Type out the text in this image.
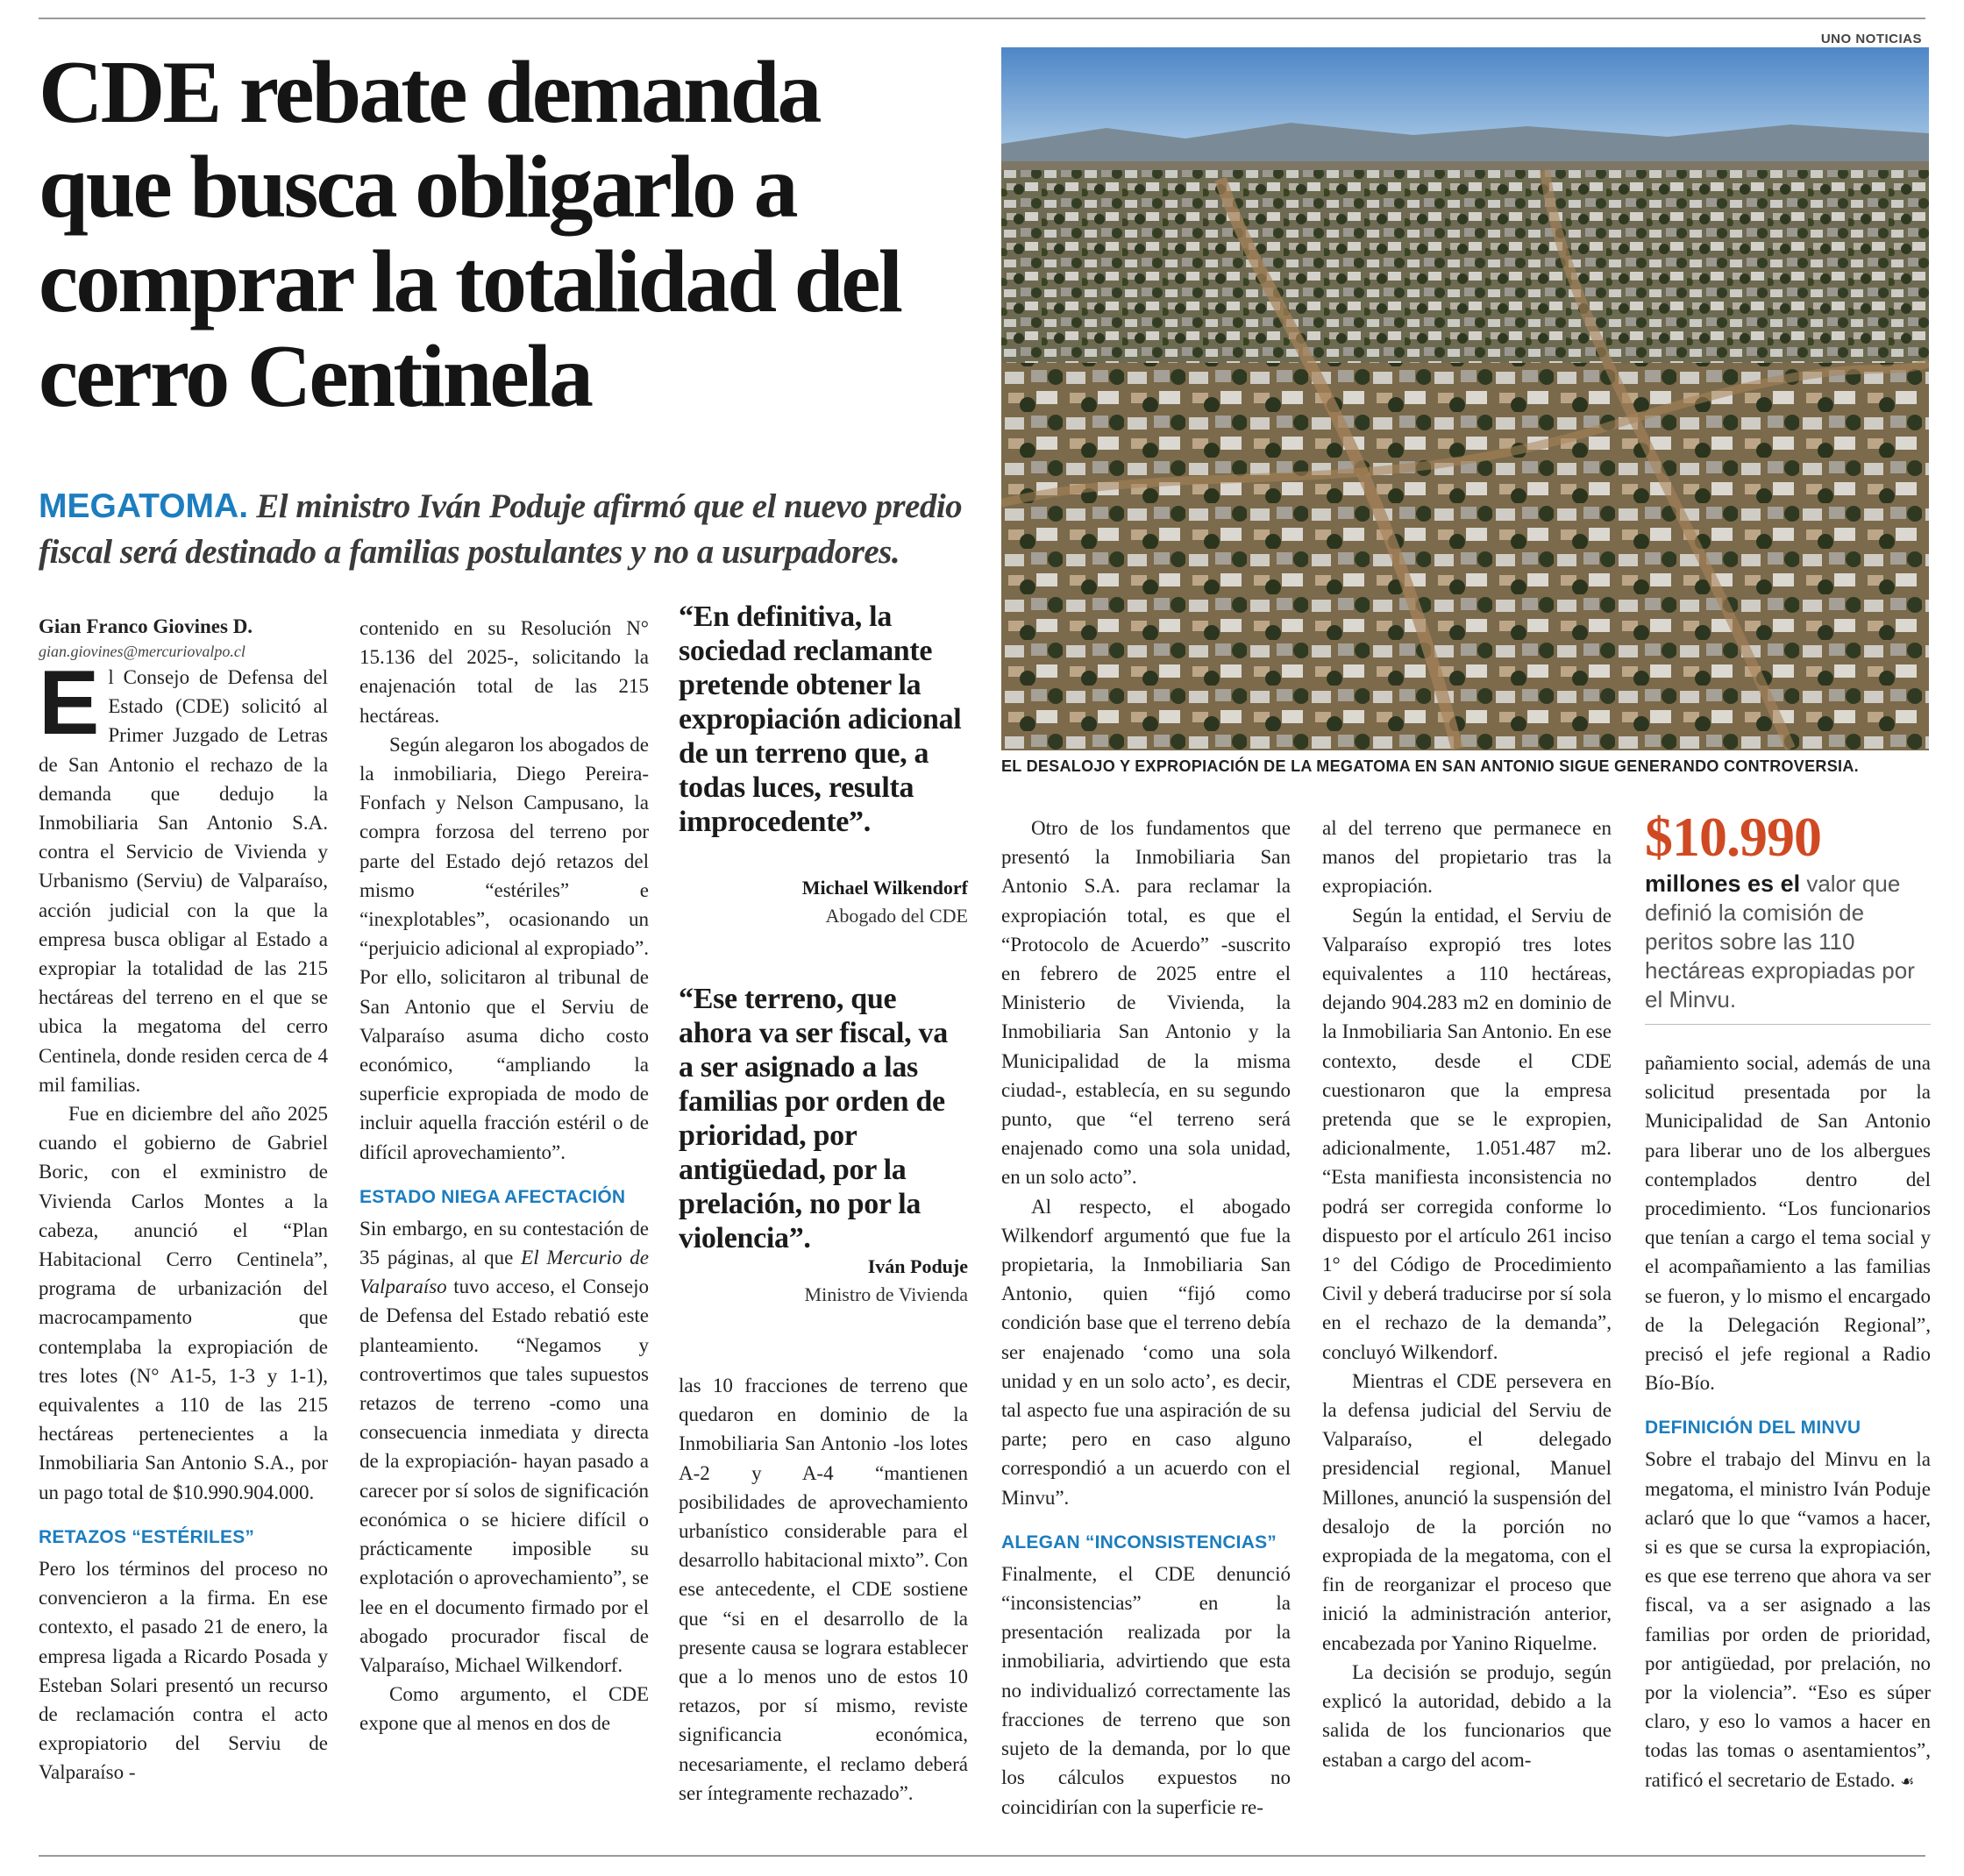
UNO NOTICIAS
CDE rebate demanda que busca obligarlo a comprar la totalidad del cerro Centinela
MEGATOMA. El ministro Iván Poduje afirmó que el nuevo predio fiscal será destinado a familias postulantes y no a usurpadores.
EL DESALOJO Y EXPROPIACIÓN DE LA MEGATOMA EN SAN ANTONIO SIGUE GENERANDO CONTROVERSIA.

Gian Franco Giovines D.

gian.giovines@mercuriovalpo.cl

El Consejo de Defensa del Estado (CDE) solicitó al Primer Juzgado de Letras de San Antonio el rechazo de la demanda que dedujo la Inmobiliaria San Antonio S.A. contra el Servicio de Vivienda y Urbanismo (Serviu) de Valparaíso, acción judicial con la que la empresa busca obligar al Estado a expropiar la totalidad de las 215 hectáreas del terreno en el que se ubica la megatoma del cerro Centinela, donde residen cerca de 4 mil familias.

Fue en diciembre del año 2025 cuando el gobierno de Gabriel Boric, con el exministro de Vivienda Carlos Montes a la cabeza, anunció el “Plan Habitacional Cerro Centinela”, programa de urbanización del macrocampamento que contemplaba la expropiación de tres lotes (N° A1-5, 1-3 y 1-1), equivalentes a 110 de las 215 hectáreas pertenecientes a la Inmobiliaria San Antonio S.A., por un pago total de $10.990.904.000.

RETAZOS “ESTÉRILES”

Pero los términos del proceso no convencieron a la firma. En ese contexto, el pasado 21 de enero, la empresa ligada a Ricardo Posada y Esteban Solari presentó un recurso de reclamación contra el acto expropiatorio del Serviu de Valparaíso -

contenido en su Resolución N° 15.136 del 2025-, solicitando la enajenación total de las 215 hectáreas.

Según alegaron los abogados de la inmobiliaria, Diego Pereira-Fonfach y Nelson Campusano, la compra forzosa del terreno por parte del Estado dejó retazos del mismo “estériles” e “inexplotables”, ocasionando un “perjuicio adicional al expropiado”. Por ello, solicitaron al tribunal de San Antonio que el Serviu de Valparaíso asuma dicho costo económico, “ampliando la superficie expropiada de modo de incluir aquella fracción estéril o de difícil aprovechamiento”.

ESTADO NIEGA AFECTACIÓN

Sin embargo, en su contestación de 35 páginas, al que El Mercurio de Valparaíso tuvo acceso, el Consejo de Defensa del Estado rebatió este planteamiento. “Negamos y controvertimos que tales supuestos retazos de terreno -como una consecuencia inmediata y directa de la expropiación- hayan pasado a carecer por sí solos de significación económica o se hiciere difícil o prácticamente imposible su explotación o aprovechamiento”, se lee en el documento firmado por el abogado procurador fiscal de Valparaíso, Michael Wilkendorf.

Como argumento, el CDE expone que al menos en dos de

“En definitiva, la sociedad reclamante pretende obtener la expropiación adicional de un terreno que, a todas luces, resulta improcedente”.
Michael Wilkendorf
Abogado del CDE
“Ese terreno, que ahora va ser fiscal, va a ser asignado a las familias por orden de prioridad, por antigüedad, por la prelación, no por la violencia”.
Iván Poduje
Ministro de Vivienda

las 10 fracciones de terreno que quedaron en dominio de la Inmobiliaria San Antonio -los lotes A-2 y A-4 “mantienen posibilidades de aprovechamiento urbanístico considerable para el desarrollo habitacional mixto”. Con ese antecedente, el CDE sostiene que “si en el desarrollo de la presente causa se lograra establecer que a lo menos uno de estos 10 retazos, por sí mismo, reviste significancia económica, necesariamente, el reclamo deberá ser íntegramente rechazado”.

Otro de los fundamentos que presentó la Inmobiliaria San Antonio S.A. para reclamar la expropiación total, es que el “Protocolo de Acuerdo” -suscrito en febrero de 2025 entre el Ministerio de Vivienda, la Inmobiliaria San Antonio y la Municipalidad de la misma ciudad-, establecía, en su segundo punto, que “el terreno será enajenado como una sola unidad, en un solo acto”.

Al respecto, el abogado Wilkendorf argumentó que fue la propietaria, la Inmobiliaria San Antonio, quien “fijó como condición base que el terreno debía ser enajenado ‘como una sola unidad y en un solo acto’, es decir, tal aspecto fue una aspiración de su parte; pero en caso alguno correspondió a un acuerdo con el Minvu”.

ALEGAN “INCONSISTENCIAS”

Finalmente, el CDE denunció “inconsistencias” en la presentación realizada por la inmobiliaria, advirtiendo que esta no individualizó correctamente las fracciones de terreno que son sujeto de la demanda, por lo que los cálculos expuestos no coincidirían con la superficie re-

al del terreno que permanece en manos del propietario tras la expropiación.

Según la entidad, el Serviu de Valparaíso expropió tres lotes equivalentes a 110 hectáreas, dejando 904.283 m2 en dominio de la Inmobiliaria San Antonio. En ese contexto, desde el CDE cuestionaron que la empresa pretenda que se le expropien, adicionalmente, 1.051.487 m2. “Esta manifiesta inconsistencia no podrá ser corregida conforme lo dispuesto por el artículo 261 inciso 1° del Código de Procedimiento Civil y deberá traducirse por sí sola en el rechazo de la demanda”, concluyó Wilkendorf.

Mientras el CDE persevera en la defensa judicial del Serviu de Valparaíso, el delegado presidencial regional, Manuel Millones, anunció la suspensión del desalojo de la porción no expropiada de la megatoma, con el fin de reorganizar el proceso que inició la administración anterior, encabezada por Yanino Riquelme.

La decisión se produjo, según explicó la autoridad, debido a la salida de los funcionarios que estaban a cargo del acom-

$10.990
millones es el valor que definió la comisión de peritos sobre las 110 hectáreas expropiadas por el Minvu.

pañamiento social, además de una solicitud presentada por la Municipalidad de San Antonio para liberar uno de los albergues contemplados dentro del procedimiento. “Los funcionarios que tenían a cargo el tema social y el acompañamiento a las familias se fueron, y lo mismo el encargado de la Delegación Regional”, precisó el jefe regional a Radio Bío-Bío.

DEFINICIÓN DEL MINVU

Sobre el trabajo del Minvu en la megatoma, el ministro Iván Poduje aclaró que lo que “vamos a hacer, si es que se cursa la expropiación, es que ese terreno que ahora va ser fiscal, va a ser asignado a las familias por orden de prioridad, por antigüedad, por prelación, no por la violencia”. “Eso es súper claro, y eso lo vamos a hacer en todas las tomas o asentamientos”, ratificó el secretario de Estado. ☙
